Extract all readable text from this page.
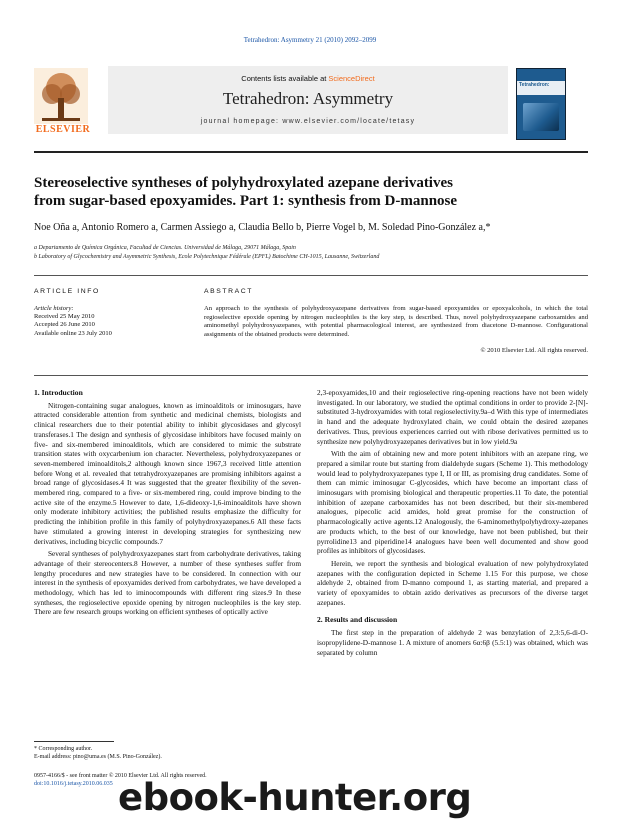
Tetrahedron: Asymmetry 21 (2010) 2092–2099
ELSEVIER
Contents lists available at ScienceDirect
Tetrahedron: Asymmetry
journal homepage: www.elsevier.com/locate/tetasy
Tetrahedron:
Stereoselective syntheses of polyhydroxylated azepane derivatives
from sugar-based epoxyamides. Part 1: synthesis from D-mannose
Noe Oña a, Antonio Romero a, Carmen Assiego a, Claudia Bello b, Pierre Vogel b, M. Soledad Pino-González a,*
a Departamento de Química Orgánica, Facultad de Ciencias. Universidad de Málaga, 29071 Málaga, Spain
b Laboratory of Glycochemistry and Asymmetric Synthesis, Ecole Polytechnique Fédérale (EPFL) Batochime CH-1015, Lausanne, Switzerland
ARTICLE INFO
Article history:
Received 25 May 2010
Accepted 26 June 2010
Available online 23 July 2010
ABSTRACT

An approach to the synthesis of polyhydroxyazepane derivatives from sugar-based epoxyamides or epoxyalcohols, in which the total regioselective epoxide opening by nitrogen nucleophiles is the key step, is described. Thus, novel polyhydroxyazepane carboxamides and aminomethyl polyhydroxyazepanes, with potential pharmacological interest, are synthesized from diacetone D-mannose. Configurational assignments of the obtained products were determined.

© 2010 Elsevier Ltd. All rights reserved.

1. Introduction

Nitrogen-containing sugar analogues, known as iminoalditols or iminosugars, have attracted considerable attention from synthetic and medicinal chemists, biologists and clinical researchers due to their potential ability to inhibit glycosidases and glycosyl transferases.1 The design and synthesis of glycosidase inhibitors have focused mainly on five- and six-membered iminoalditols, which are considered to mimic the substrate transition states with oxycarbenium ion character. Nevertheless, polyhydroxyazepanes or seven-membered iminoalditols,2 although known since 1967,3 received little attention before Wong et al. revealed that tetrahydroxyazepanes are promising inhibitors against a broad range of glycosidases.4 It was suggested that the greater flexibility of the seven-membered ring, compared to a five- or six-membered ring, could improve binding to the active site of the enzyme.5 However to date, 1,6-dideoxy-1,6-iminoalditols have shown only moderate inhibitory activities; the published results emphasize the difficulty for predicting the inhibition profile in this family of polyhydroxyazepanes.6 All these facts have stimulated a growing interest in developing strategies for synthesizing new derivatives, including bicyclic compounds.7

Several syntheses of polyhydroxyazepanes start from carbohydrate derivatives, taking advantage of their stereocenters.8 However, a number of these syntheses suffer from lengthy procedures and new strategies have to be considered. In connection with our interest in the synthesis of epoxyamides derived from carbohydrates, we have developed a methodology, which has led to iminocompounds with different ring sizes.9 In these syntheses, the regioselective epoxide opening by nitrogen nucleophiles is the key step. There are few research groups working on efficient syntheses of optically active

2,3-epoxyamides,10 and their regioselective ring-opening reactions have not been widely investigated. In our laboratory, we studied the optimal conditions in order to provide 2-[N]-substituted 3-hydroxyamides with total regioselectivity.9a–d With this type of intermediates in hand and the adequate hydroxylated chain, we could obtain the desired azepanes derivatives. Thus, previous experiences carried out with ribose derivatives permitted us to synthesize new polyhydroxyazepanes derivatives but in low yield.9a

With the aim of obtaining new and more potent inhibitors with an azepane ring, we prepared a similar route but starting from dialdehyde sugars (Scheme 1). This methodology would lead to polyhydroxyazepanes type I, II or III, as promising drug candidates. Some of them can mimic iminosugar C-glycosides, which have become an important class of iminosugars with promising biological and therapeutic properties.11 To date, the potential inhibition of azepane carboxamides has not been described, but their six-membered analogues, pipecolic acid amides, hold great promise for the construction of pharmacologically active agents.12 Analogously, the 6-aminomethylpolyhydroxy-azepanes are products which, to the best of our knowledge, have not been published, but their pyrrolidine13 and piperidine14 analogues have been well documented and show good profiles as inhibitors of glycosidases.

Herein, we report the synthesis and biological evaluation of new polyhydroxylated azepanes with the configuration depicted in Scheme 1.15 For this purpose, we chose aldehyde 2, obtained from D-manno compound 1, as starting material, and prepared a variety of epoxyamides to obtain azido derivatives as precursors of the diverse target azepanes.

2. Results and discussion

The first step in the preparation of aldehyde 2 was benzylation of 2,3:5,6-di-O-isopropylidene-D-mannose 1. A mixture of anomers 6α:6β (5.5:1) was obtained, which was separated by column

* Corresponding author.
E-mail address: pino@uma.es (M.S. Pino-González).
0957-4166/$ - see front matter © 2010 Elsevier Ltd. All rights reserved.
doi:10.1016/j.tetasy.2010.06.035 ebook-hunter.org
